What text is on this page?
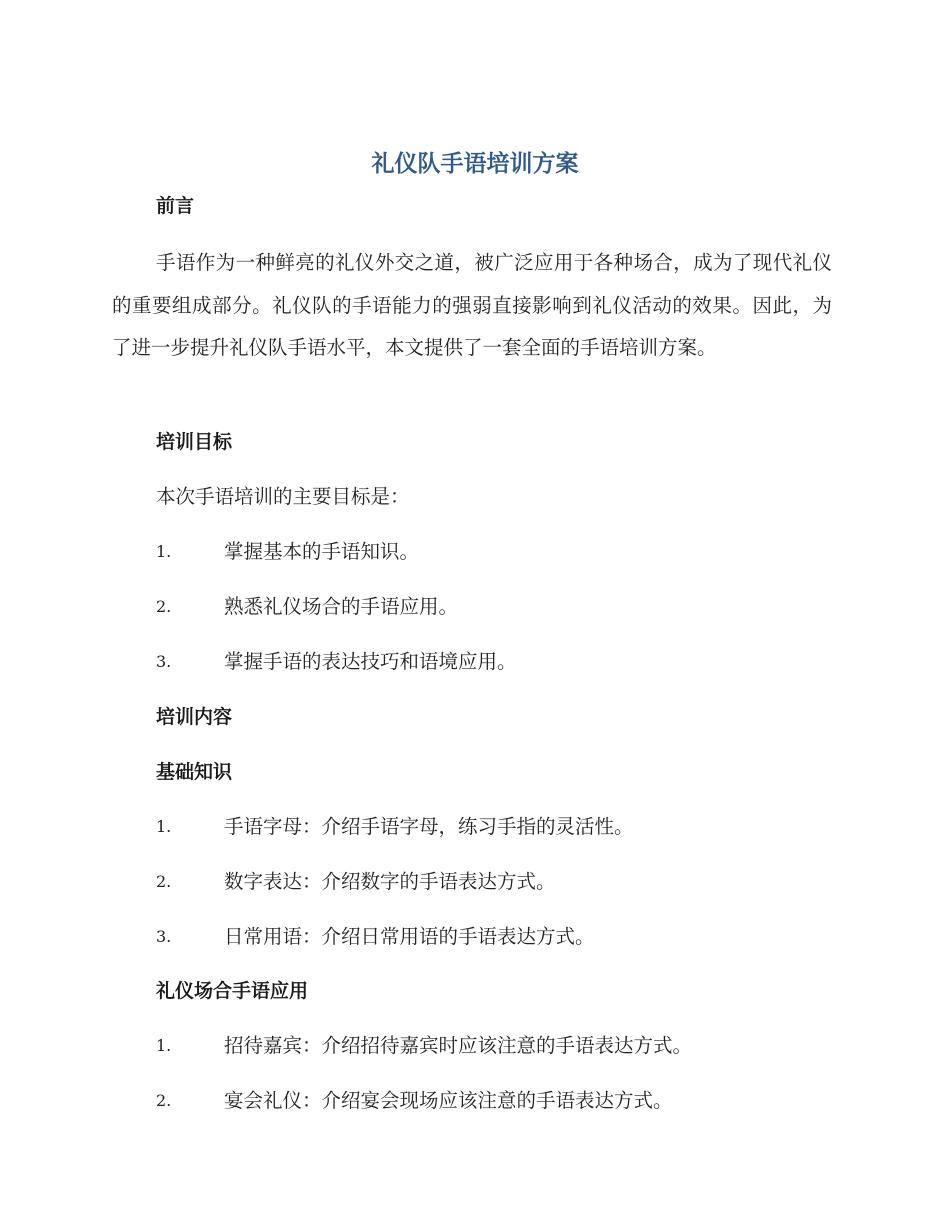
礼仪队手语培训方案
前言
手语作为一种鲜亮的礼仪外交之道，被广泛应用于各种场合，成为了现代礼仪的重要组成部分。礼仪队的手语能力的强弱直接影响到礼仪活动的效果。因此，为了进一步提升礼仪队手语水平，本文提供了一套全面的手语培训方案。
培训目标
本次手语培训的主要目标是：
1.	掌握基本的手语知识。
2.	熟悉礼仪场合的手语应用。
3.	掌握手语的表达技巧和语境应用。
培训内容
基础知识
1.	手语字母：介绍手语字母，练习手指的灵活性。
2.	数字表达：介绍数字的手语表达方式。
3.	日常用语：介绍日常用语的手语表达方式。
礼仪场合手语应用
1.	招待嘉宾：介绍招待嘉宾时应该注意的手语表达方式。
2.	宴会礼仪：介绍宴会现场应该注意的手语表达方式。
